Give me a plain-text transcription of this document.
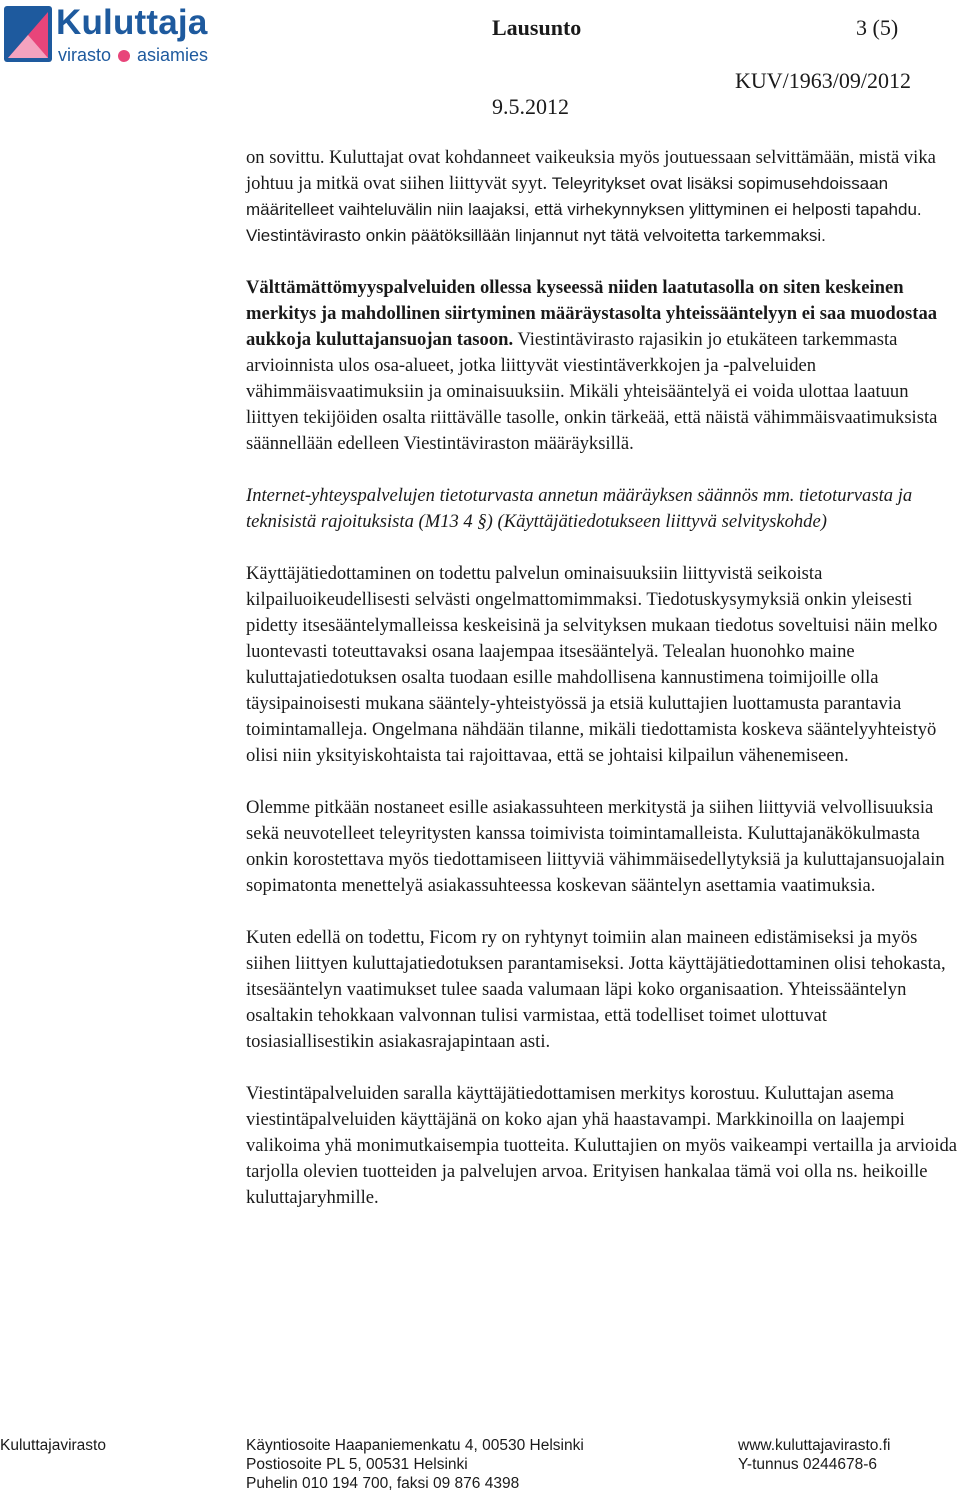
Kuluttaja
virasto asiamies
Lausunto	3 (5)
KUV/1963/09/2012
9.5.2012

on sovittu. Kuluttajat ovat kohdanneet vaikeuksia myös joutuessaan selvittämään, mistä vika johtuu ja mitkä ovat siihen liittyvät syyt. Teleyritykset ovat lisäksi sopimusehdoissaan määritelleet vaihteluvälin niin laajaksi, että virhekynnyksen ylittyminen ei helposti tapahdu. Viestintävirasto onkin päätöksillään linjannut nyt tätä velvoitetta tarkemmaksi.

Välttämättömyyspalveluiden ollessa kyseessä niiden laatutasolla on siten keskeinen merkitys ja mahdollinen siirtyminen määräystasolta yhteissääntelyyn ei saa muodostaa aukkoja kuluttajansuojan tasoon. Viestintävirasto rajasikin jo etukäteen tarkemmasta arvioinnista ulos osa-alueet, jotka liittyvät viestintäverkkojen ja -palveluiden vähimmäisvaatimuksiin ja ominaisuuksiin. Mikäli yhteisääntelyä ei voida ulottaa laatuun liittyen tekijöiden osalta riittävälle tasolle, onkin tärkeää, että näistä vähimmäisvaatimuksista säännellään edelleen Viestintäviraston määräyksillä.

Internet-yhteyspalvelujen tietoturvasta annetun määräyksen säännös mm. tietoturvasta ja teknisistä rajoituksista (M13 4 §) (Käyttäjätiedotukseen liittyvä selvityskohde)

Käyttäjätiedottaminen on todettu palvelun ominaisuuksiin liittyvistä seikoista kilpailuoikeudellisesti selvästi ongelmattomimmaksi. Tiedotuskysymyksiä onkin yleisesti pidetty itsesääntelymalleissa keskeisinä ja selvityksen mukaan tiedotus soveltuisi näin melko luontevasti toteuttavaksi osana laajempaa itsesääntelyä. Telealan huonohko maine kuluttajatiedotuksen osalta tuodaan esille mahdollisena kannustimena toimijoille olla täysipainoisesti mukana sääntely-yhteistyössä ja etsiä kuluttajien luottamusta parantavia toimintamalleja. Ongelmana nähdään tilanne, mikäli tiedottamista koskeva sääntelyyhteistyö olisi niin yksityiskohtaista tai rajoittavaa, että se johtaisi kilpailun vähenemiseen.

Olemme pitkään nostaneet esille asiakassuhteen merkitystä ja siihen liittyviä velvollisuuksia sekä neuvotelleet teleyritysten kanssa toimivista toimintamalleista. Kuluttajanäkökulmasta onkin korostettava myös tiedottamiseen liittyviä vähimmäisedellytyksiä ja kuluttajansuojalain sopimatonta menettelyä asiakassuhteessa koskevan sääntelyn asettamia vaatimuksia.

Kuten edellä on todettu, Ficom ry on ryhtynyt toimiin alan maineen edistämiseksi ja myös siihen liittyen kuluttajatiedotuksen parantamiseksi. Jotta käyttäjätiedottaminen olisi tehokasta, itsesääntelyn vaatimukset tulee saada valumaan läpi koko organisaation. Yhteissääntelyn osaltakin tehokkaan valvonnan tulisi varmistaa, että todelliset toimet ulottuvat tosiasiallisestikin asiakasrajapintaan asti.

Viestintäpalveluiden saralla käyttäjätiedottamisen merkitys korostuu. Kuluttajan asema viestintäpalveluiden käyttäjänä on koko ajan yhä haastavampi. Markkinoilla on laajempi valikoima yhä monimutkaisempia tuotteita. Kuluttajien on myös vaikeampi vertailla ja arvioida tarjolla olevien tuotteiden ja palvelujen arvoa. Erityisen hankalaa tämä voi olla ns. heikoille kuluttajaryhmille.

Kuluttajavirasto	Käyntiosoite Haapaniemenkatu 4, 00530 Helsinki
Postiosoite PL 5, 00531 Helsinki
Puhelin 010 194 700, faksi 09 876 4398
www.kuluttajavirasto.fi
Y-tunnus 0244678-6
